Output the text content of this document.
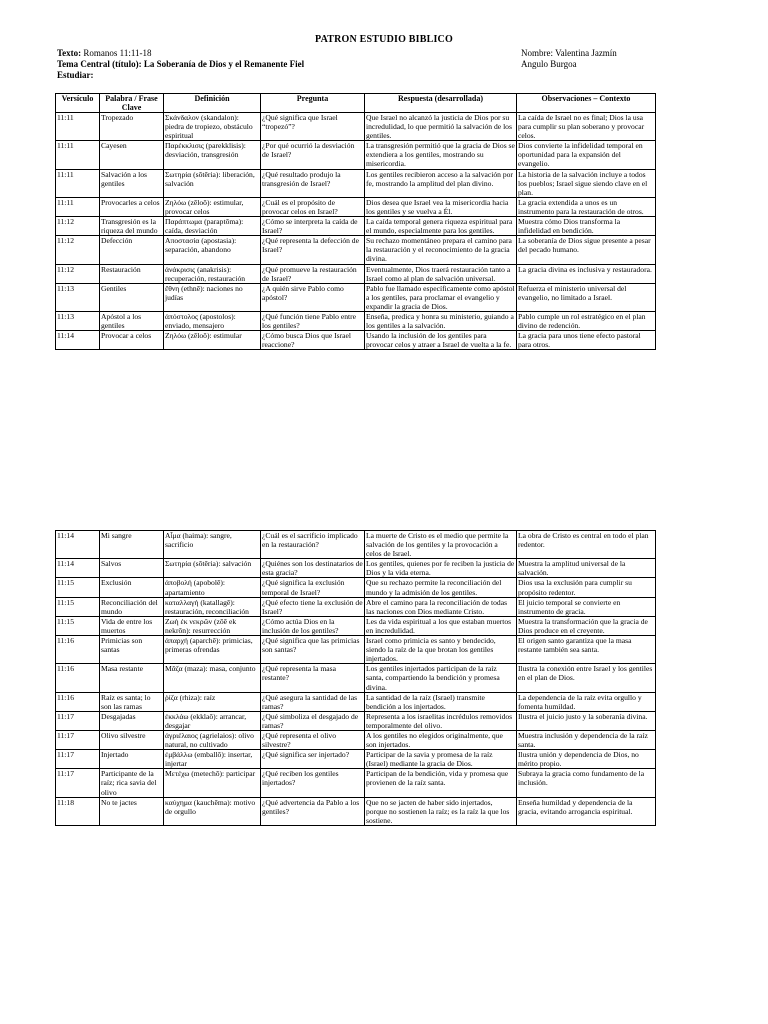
PATRON ESTUDIO BIBLICO
Texto: Romanos 11:11-18
Tema Central (título): La Soberanía de Dios y el Remanente Fiel
Estudiar:
Nombre: Valentina Jazmín
Angulo Burgoa
Versículo	Palabra / Frase Clave	Definición	Pregunta	Respuesta (desarrollada)	Observaciones – Contexto
11:11	Tropezado	Σκάνδαλον (skandalon): piedra de tropiezo, obstáculo espiritual	¿Qué significa que Israel “tropezó”?	Que Israel no alcanzó la justicia de Dios por su incredulidad, lo que permitió la salvación de los gentiles.	La caída de Israel no es final; Dios la usa para cumplir su plan soberano y provocar celos.
11:11	Cayesen	Παρέκκλισις (parekklisis): desviación, transgresión	¿Por qué ocurrió la desviación de Israel?	La transgresión permitió que la gracia de Dios se extendiera a los gentiles, mostrando su misericordia.	Dios convierte la infidelidad temporal en oportunidad para la expansión del evangelio.
11:11	Salvación a los gentiles	Σωτηρία (sōtēria): liberación, salvación	¿Qué resultado produjo la transgresión de Israel?	Los gentiles recibieron acceso a la salvación por fe, mostrando la amplitud del plan divino.	La historia de la salvación incluye a todos los pueblos; Israel sigue siendo clave en el plan.
11:11	Provocarles a celos	Ζηλόω (zēloō): estimular, provocar celos	¿Cuál es el propósito de provocar celos en Israel?	Dios desea que Israel vea la misericordia hacia los gentiles y se vuelva a Él.	La gracia extendida a unos es un instrumento para la restauración de otros.
11:12	Transgresión es la riqueza del mundo	Παράπτωμα (paraptōma): caída, desviación	¿Cómo se interpreta la caída de Israel?	La caída temporal genera riqueza espiritual para el mundo, especialmente para los gentiles.	Muestra cómo Dios transforma la infidelidad en bendición.
11:12	Defección	Αποστασία (apostasia): separación, abandono	¿Qué representa la defección de Israel?	Su rechazo momentáneo prepara el camino para la restauración y el reconocimiento de la gracia divina.	La soberanía de Dios sigue presente a pesar del pecado humano.
11:12	Restauración	ἀνάκρισις (anakrisis): recuperación, restauración	¿Qué promueve la restauración de Israel?	Eventualmente, Dios traerá restauración tanto a Israel como al plan de salvación universal.	La gracia divina es inclusiva y restauradora.
11:13	Gentiles	ἔθνη (ethnē): naciones no judías	¿A quién sirve Pablo como apóstol?	Pablo fue llamado específicamente como apóstol a los gentiles, para proclamar el evangelio y expandir la gracia de Dios.	Refuerza el ministerio universal del evangelio, no limitado a Israel.
11:13	Apóstol a los gentiles	ἀπόστολος (apostolos): enviado, mensajero	¿Qué función tiene Pablo entre los gentiles?	Enseña, predica y honra su ministerio, guiando a los gentiles a la salvación.	Pablo cumple un rol estratégico en el plan divino de redención.
11:14	Provocar a celos	Ζηλόω (zēloō): estimular	¿Cómo busca Dios que Israel reaccione?	Usando la inclusión de los gentiles para provocar celos y atraer a Israel de vuelta a la fe.	La gracia para unos tiene efecto pastoral para otros.
11:14	Mi sangre	Αἷμα (haima): sangre, sacrificio	¿Cuál es el sacrificio implicado en la restauración?	La muerte de Cristo es el medio que permite la salvación de los gentiles y la provocación a celos de Israel.	La obra de Cristo es central en todo el plan redentor.
11:14	Salvos	Σωτηρία (sōtēria): salvación	¿Quiénes son los destinatarios de esta gracia?	Los gentiles, quienes por fe reciben la justicia de Dios y la vida eterna.	Muestra la amplitud universal de la salvación.
11:15	Exclusión	ἀποβολή (apobolē): apartamiento	¿Qué significa la exclusión temporal de Israel?	Que su rechazo permite la reconciliación del mundo y la admisión de los gentiles.	Dios usa la exclusión para cumplir su propósito redentor.
11:15	Reconciliación del mundo	καταλλαγή (katallagē): restauración, reconciliación	¿Qué efecto tiene la exclusión de Israel?	Abre el camino para la reconciliación de todas las naciones con Dios mediante Cristo.	El juicio temporal se convierte en instrumento de gracia.
11:15	Vida de entre los muertos	Ζωὴ ἐκ νεκρῶν (zōē ek nekrōn): resurrección	¿Cómo actúa Dios en la inclusión de los gentiles?	Les da vida espiritual a los que estaban muertos en incredulidad.	Muestra la transformación que la gracia de Dios produce en el creyente.
11:16	Primicias son santas	ἀπαρχή (aparchē): primicias, primeras ofrendas	¿Qué significa que las primicias son santas?	Israel como primicia es santo y bendecido, siendo la raíz de la que brotan los gentiles injertados.	El origen santo garantiza que la masa restante también sea santa.
11:16	Masa restante	Μᾶζα (maza): masa, conjunto	¿Qué representa la masa restante?	Los gentiles injertados participan de la raíz santa, compartiendo la bendición y promesa divina.	Ilustra la conexión entre Israel y los gentiles en el plan de Dios.
11:16	Raíz es santa; lo son las ramas	ῥίζα (rhiza): raíz	¿Qué asegura la santidad de las ramas?	La santidad de la raíz (Israel) transmite bendición a los injertados.	La dependencia de la raíz evita orgullo y fomenta humildad.
11:17	Desgajadas	ἐκκλάω (ekklaō): arrancar, desgajar	¿Qué simboliza el desgajado de ramas?	Representa a los israelitas incrédulos removidos temporalmente del olivo.	Ilustra el juicio justo y la soberanía divina.
11:17	Olivo silvestre	ἀγριέλαιος (agrielaios): olivo natural, no cultivado	¿Qué representa el olivo silvestre?	A los gentiles no elegidos originalmente, que son injertados.	Muestra inclusión y dependencia de la raíz santa.
11:17	Injertado	ἐμβάλλω (emballō): insertar, injertar	¿Qué significa ser injertado?	Participar de la savia y promesa de la raíz (Israel) mediante la gracia de Dios.	Ilustra unión y dependencia de Dios, no mérito propio.
11:17	Participante de la raíz; rica savia del olivo	Μετέχω (metechō): participar	¿Qué reciben los gentiles injertados?	Participan de la bendición, vida y promesa que provienen de la raíz santa.	Subraya la gracia como fundamento de la inclusión.
11:18	No te jactes	καύχημα (kauchēma): motivo de orgullo	¿Qué advertencia da Pablo a los gentiles?	Que no se jacten de haber sido injertados, porque no sostienen la raíz; es la raíz la que los sostiene.	Enseña humildad y dependencia de la gracia, evitando arrogancia espiritual.
